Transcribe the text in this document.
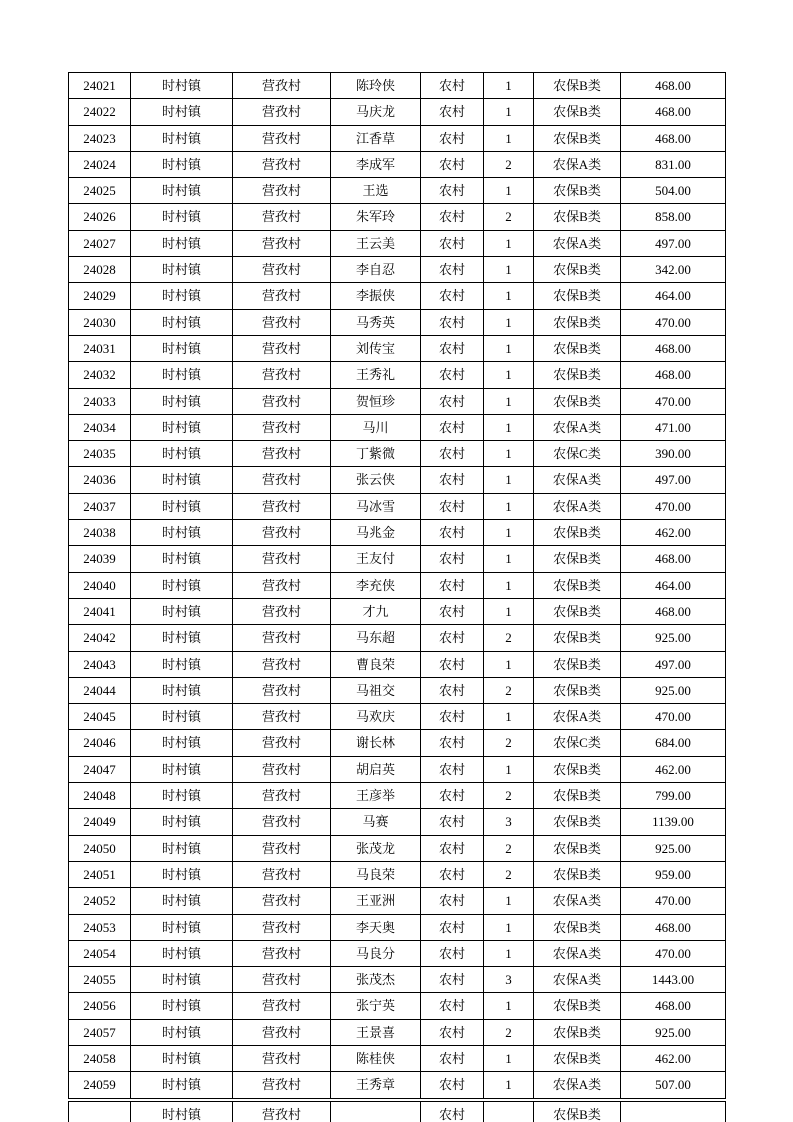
24021	时村镇	营孜村	陈玲侠	农村	1	农保B类	468.00
24022	时村镇	营孜村	马庆龙	农村	1	农保B类	468.00
24023	时村镇	营孜村	江香草	农村	1	农保B类	468.00
24024	时村镇	营孜村	李成军	农村	2	农保A类	831.00
24025	时村镇	营孜村	王选	农村	1	农保B类	504.00
24026	时村镇	营孜村	朱军玲	农村	2	农保B类	858.00
24027	时村镇	营孜村	王云美	农村	1	农保A类	497.00
24028	时村镇	营孜村	李自忍	农村	1	农保B类	342.00
24029	时村镇	营孜村	李振侠	农村	1	农保B类	464.00
24030	时村镇	营孜村	马秀英	农村	1	农保B类	470.00
24031	时村镇	营孜村	刘传宝	农村	1	农保B类	468.00
24032	时村镇	营孜村	王秀礼	农村	1	农保B类	468.00
24033	时村镇	营孜村	贺恒珍	农村	1	农保B类	470.00
24034	时村镇	营孜村	马川	农村	1	农保A类	471.00
24035	时村镇	营孜村	丁紫微	农村	1	农保C类	390.00
24036	时村镇	营孜村	张云侠	农村	1	农保A类	497.00
24037	时村镇	营孜村	马冰雪	农村	1	农保A类	470.00
24038	时村镇	营孜村	马兆金	农村	1	农保B类	462.00
24039	时村镇	营孜村	王友付	农村	1	农保B类	468.00
24040	时村镇	营孜村	李充侠	农村	1	农保B类	464.00
24041	时村镇	营孜村	才九	农村	1	农保B类	468.00
24042	时村镇	营孜村	马东超	农村	2	农保B类	925.00
24043	时村镇	营孜村	曹良荣	农村	1	农保B类	497.00
24044	时村镇	营孜村	马祖交	农村	2	农保B类	925.00
24045	时村镇	营孜村	马欢庆	农村	1	农保A类	470.00
24046	时村镇	营孜村	谢长林	农村	2	农保C类	684.00
24047	时村镇	营孜村	胡启英	农村	1	农保B类	462.00
24048	时村镇	营孜村	王彦举	农村	2	农保B类	799.00
24049	时村镇	营孜村	马赛	农村	3	农保B类	1139.00
24050	时村镇	营孜村	张茂龙	农村	2	农保B类	925.00
24051	时村镇	营孜村	马良荣	农村	2	农保B类	959.00
24052	时村镇	营孜村	王亚洲	农村	1	农保A类	470.00
24053	时村镇	营孜村	李天奥	农村	1	农保B类	468.00
24054	时村镇	营孜村	马良分	农村	1	农保A类	470.00
24055	时村镇	营孜村	张茂杰	农村	3	农保A类	1443.00
24056	时村镇	营孜村	张宁英	农村	1	农保B类	468.00
24057	时村镇	营孜村	王景喜	农村	2	农保B类	925.00
24058	时村镇	营孜村	陈桂侠	农村	1	农保B类	462.00
24059	时村镇	营孜村	王秀章	农村	1	农保A类	507.00
	时村镇	营孜村		农村		农保B类	
